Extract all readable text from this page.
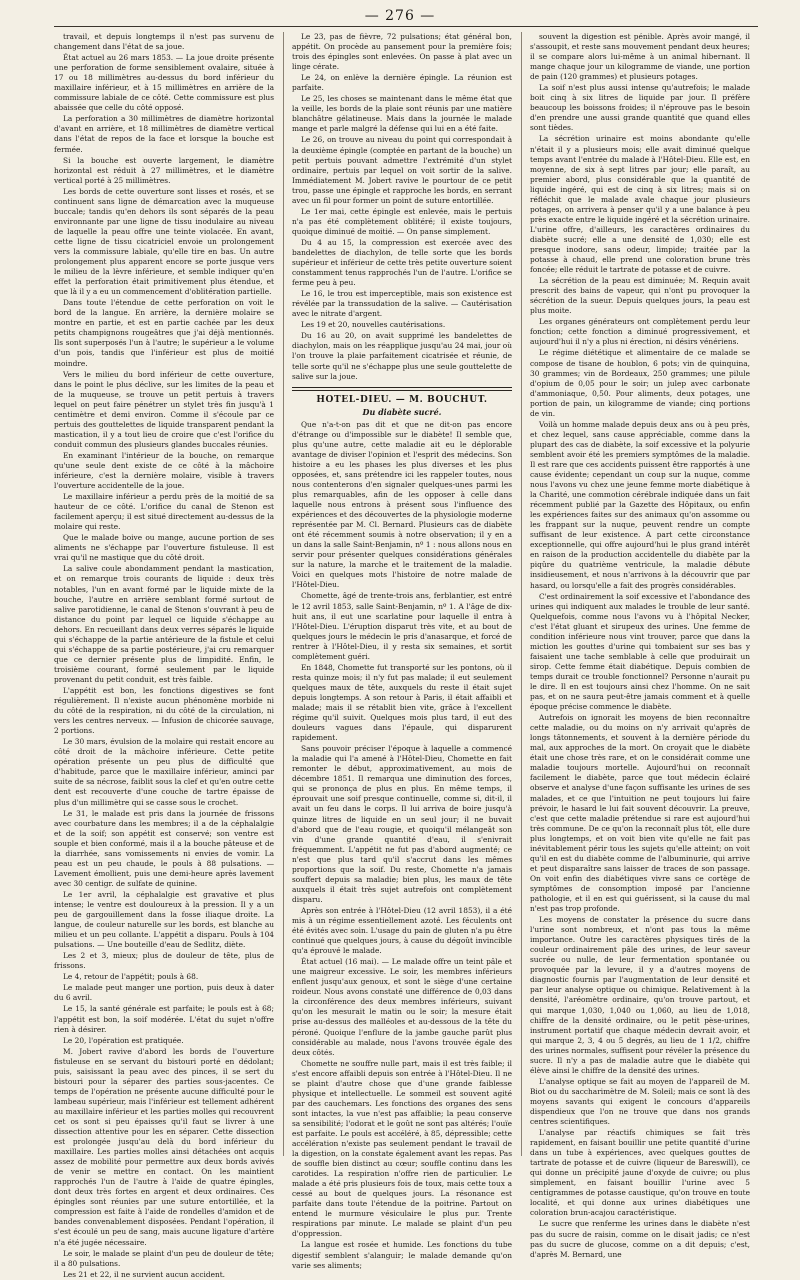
— 276 —

travail, et depuis longtemps il n'est pas survenu de changement dans l'état de sa joue.

État actuel au 26 mars 1853. — La joue droite présente une perforation de forme sensiblement ovalaire, située à 17 ou 18 millimètres au-dessus du bord inférieur du maxillaire inférieur, et à 15 millimètres en arrière de la commissure labiale de ce côté. Cette commissure est plus abaissée que celle du côté opposé.

La perforation a 30 millimètres de diamètre horizontal d'avant en arrière, et 18 millimètres de diamètre vertical dans l'état de repos de la face et lorsque la bouche est fermée.

Si la bouche est ouverte largement, le diamètre horizontal est réduit à 27 millimètres, et le diamètre vertical porté à 25 millimètres.

Les bords de cette ouverture sont lisses et rosés, et se continuent sans ligne de démarcation avec la muqueuse buccale; tandis qu'en dehors ils sont séparés de la peau environnante par une ligne de tissu inodulaire au niveau de laquelle la peau offre une teinte violacée. En avant, cette ligne de tissu cicatriciel envoie un prolongement vers la commissure labiale, qu'elle tire en bas. Un autre prolongement plus apparent encore se porte jusque vers le milieu de la lèvre inférieure, et semble indiquer qu'en effet la perforation était primitivement plus étendue, et que là il y a eu un commencement d'oblitération partielle.

Dans toute l'étendue de cette perforation on voit le bord de la langue. En arrière, la dernière molaire se montre en partie, et est en partie cachée par les deux petits champignons rougeâtres que j'ai déjà mentionnés. Ils sont superposés l'un à l'autre; le supérieur a le volume d'un pois, tandis que l'inférieur est plus de moitié moindre.

Vers le milieu du bord inférieur de cette ouverture, dans le point le plus déclive, sur les limites de la peau et de la muqueuse, se trouve un petit pertuis à travers lequel on peut faire pénétrer un stylet très fin jusqu'à 1 centimètre et demi environ. Comme il s'écoule par ce pertuis des gouttelettes de liquide transparent pendant la mastication, il y a tout lieu de croire que c'est l'orifice du conduit commun des plusieurs glandes buccales réunies.

En examinant l'intérieur de la bouche, on remarque qu'une seule dent existe de ce côté à la mâchoire inférieure, c'est la dernière molaire, visible à travers l'ouverture accidentelle de la joue.

Le maxillaire inférieur a perdu près de la moitié de sa hauteur de ce côté. L'orifice du canal de Stenon est facilement aperçu; il est situé directement au-dessus de la molaire qui reste.

Que le malade boive ou mange, aucune portion de ses aliments ne s'échappe par l'ouverture fistuleuse. Il est vrai qu'il ne mastique que du côté droit.

La salive coule abondamment pendant la mastication, et on remarque trois courants de liquide : deux très notables, l'un en avant formé par le liquide mixte de la bouche, l'autre en arrière semblant formé surtout de salive parotidienne, le canal de Stenon s'ouvrant à peu de distance du point par lequel ce liquide s'échappe au dehors. En recueillant dans deux verres séparés le liquide qui s'échappe de la partie antérieure de la fistule et celui qui s'échappe de sa partie postérieure, j'ai cru remarquer que ce dernier présente plus de limpidité. Enfin, le troisième courant, formé seulement par le liquide provenant du petit conduit, est très faible.

L'appétit est bon, les fonctions digestives se font régulièrement. Il n'existe aucun phénomène morbide ni du côté de la respiration, ni du côté de la circulation, ni vers les centres nerveux. — Infusion de chicorée sauvage, 2 portions.

Le 30 mars, évulsion de la molaire qui restait encore au côté droit de la mâchoire inférieure. Cette petite opération présente un peu plus de difficulté que d'habitude, parce que le maxillaire inférieur, aminci par suite de sa nécrose, faiblit sous la clef et qu'en outre cette dent est recouverte d'une couche de tartre épaisse de plus d'un millimètre qui se casse sous le crochet.

Le 31, le malade est pris dans la journée de frissons avec courbature dans les membres; il a de la céphalalgie et de la soif; son appétit est conservé; son ventre est souple et bien conformé, mais il a la bouche pâteuse et de la diarrhée, sans vomissements ni envies de vomir. La peau est un peu chaude, le pouls à 88 pulsations. — Lavement émollient, puis une demi-heure après lavement avec 30 centigr. de sulfate de quinine.

Le 1er avril, la céphalalgie est gravative et plus intense; le ventre est douloureux à la pression. Il y a un peu de gargouillement dans la fosse iliaque droite. La langue, de couleur naturelle sur les bords, est blanche au milieu et un peu collante. L'appétit a disparu. Pouls à 104 pulsations. — Une bouteille d'eau de Sedlitz, diète.

Les 2 et 3, mieux; plus de douleur de tête, plus de frissons.

Le 4, retour de l'appétit; pouls à 68.

Le malade peut manger une portion, puis deux à dater du 6 avril.

Le 15, la santé générale est parfaite; le pouls est à 68; l'appétit est bon, la soif modérée. L'état du sujet n'offre rien à désirer.

Le 20, l'opération est pratiquée.

M. Jobert ravive d'abord les bords de l'ouverture fistuleuse en se servant du bistouri porté en dédolant; puis, saisissant la peau avec des pinces, il se sert du bistouri pour la séparer des parties sous-jacentes. Ce temps de l'opération ne présente aucune difficulté pour le lambeau supérieur, mais l'inférieur est tellement adhérent au maxillaire inférieur et les parties molles qui recouvrent cet os sont si peu épaisses qu'il faut se livrer à une dissection attentive pour les en séparer. Cette dissection est prolongée jusqu'au delà du bord inférieur du maxillaire. Les parties molles ainsi détachées ont acquis assez de mobilité pour permettre aux deux bords avivés de venir se mettre en contact. On les maintient rapprochés l'un de l'autre à l'aide de quatre épingles, dont deux très fortes en argent et deux ordinaires. Ces épingles sont réunies par une suture entortillée, et la compression est faite à l'aide de rondelles d'amidon et de bandes convenablement disposées. Pendant l'opération, il s'est écoulé un peu de sang, mais aucune ligature d'artère n'a été jugée nécessaire.

Le soir, le malade se plaint d'un peu de douleur de tête; il a 80 pulsations.

Les 21 et 22, il ne survient aucun accident.

Le 23, pas de fièvre, 72 pulsations; état général bon, appétit. On procède au pansement pour la première fois; trois des épingles sont enlevées. On passe à plat avec un linge cérate.

Le 24, on enlève la dernière épingle. La réunion est parfaite.

Le 25, les choses se maintenant dans le même état que la veille, les bords de la plaie sont réunis par une matière blanchâtre gélatineuse. Mais dans la journée le malade mange et parle malgré la défense qui lui en a été faite.

Le 26, on trouve au niveau du point qui correspondait à la deuxième épingle (comptée en partant de la bouche) un petit pertuis pouvant admettre l'extrémité d'un stylet ordinaire, pertuis par lequel on voit sortir de la salive. Immédiatement M. Jobert ravive le pourtour de ce petit trou, passe une épingle et rapproche les bords, en serrant avec un fil pour former un point de suture entortillée.

Le 1er mai, cette épingle est enlevée, mais le pertuis n'a pas été complètement oblitéré; il existe toujours, quoique diminué de moitié. — On panse simplement.

Du 4 au 15, la compression est exercée avec des bandelettes de diachylon, de telle sorte que les bords supérieur et inférieur de cette très petite ouverture soient constamment tenus rapprochés l'un de l'autre. L'orifice se ferme peu à peu.

Le 16, le trou est imperceptible, mais son existence est révélée par la transsudation de la salive. — Cautérisation avec le nitrate d'argent.

Les 19 et 20, nouvelles cautérisations.

Du 16 au 20, on avait supprimé les bandelettes de diachylon, mais on les réapplique jusqu'au 24 mai, jour où l'on trouve la plaie parfaitement cicatrisée et réunie, de telle sorte qu'il ne s'échappe plus une seule gouttelette de salive sur la joue.

HOTEL-DIEU. — M. BOUCHUT.
Du diabète sucré.

Que n'a-t-on pas dit et que ne dit-on pas encore d'étrange ou d'impossible sur le diabète! Il semble que, plus qu'une autre, cette maladie ait eu le déplorable avantage de diviser l'opinion et l'esprit des médecins. Son histoire a eu les phases les plus diverses et les plus opposées, et, sans prétendre ici les rappeler toutes, nous nous contenterons d'en signaler quelques-unes parmi les plus remarquables, afin de les opposer à celle dans laquelle nous entrons à présent sous l'influence des expériences et des découvertes de la physiologie moderne représentée par M. Cl. Bernard. Plusieurs cas de diabète ont été récemment soumis à notre observation; il y en a un dans la salle Saint-Benjamin, nº 1 : nous allons nous en servir pour présenter quelques considérations générales sur la nature, la marche et le traitement de la maladie. Voici en quelques mots l'histoire de notre malade de l'Hôtel-Dieu.

Chomette, âgé de trente-trois ans, ferblantier, est entré le 12 avril 1853, salle Saint-Benjamin, nº 1. A l'âge de dix-huit ans, il eut une scarlatine pour laquelle il entra à l'Hôtel-Dieu. L'éruption disparut très vite, et au bout de quelques jours le médecin le pris d'anasarque, et forcé de rentrer à l'Hôtel-Dieu, il y resta six semaines, et sortit complètement guéri.

En 1848, Chomette fut transporté sur les pontons, où il resta quinze mois; il n'y fut pas malade; il eut seulement quelques maux de tête, auxquels du reste il était sujet depuis longtemps. A son retour à Paris, il était affaibli et malade; mais il se rétablit bien vite, grâce à l'excellent régime qu'il suivit. Quelques mois plus tard, il eut des douleurs vagues dans l'épaule, qui disparurent rapidement.

Sans pouvoir préciser l'époque à laquelle a commencé la maladie qui l'a amené à l'Hôtel-Dieu, Chomette en fait remonter le début, approximativement, au mois de décembre 1851. Il remarqua une diminution des forces, qui se prononça de plus en plus. En même temps, il éprouvait une soif presque continuelle, comme si, dit-il, il avait un feu dans le corps. Il lui arriva de boire jusqu'à quinze litres de liquide en un seul jour; il ne buvait d'abord que de l'eau rougie, et quoiqu'il mélangeât son vin d'une grande quantité d'eau, il s'enivrait fréquemment. L'appétit ne fut pas d'abord augmenté; ce n'est que plus tard qu'il s'accrut dans les mêmes proportions que la soif. Du reste, Chomette n'a jamais souffert depuis sa maladie; bien plus, les maux de tête auxquels il était très sujet autrefois ont complètement disparu.

Après son entrée à l'Hôtel-Dieu (12 avril 1853), il a été mis à un régime essentiellement azoté. Les féculents ont été évités avec soin. L'usage du pain de gluten n'a pu être continué que quelques jours, à cause du dégoût invincible qu'a éprouvé le malade.

État actuel (16 mai). — Le malade offre un teint pâle et une maigreur excessive. Le soir, les membres inférieurs enflent jusqu'aux genoux, et sont le siège d'une certaine roideur. Nous avons constaté une différence de 0,03 dans la circonférence des deux membres inférieurs, suivant qu'on les mesurait le matin ou le soir; la mesure était prise au-dessus des malléoles et au-dessous de la tête du péroné. Quoique l'enflure de la jambe gauche parût plus considérable au malade, nous l'avons trouvée égale des deux côtés.

Chomette ne souffre nulle part, mais il est très faible; il s'est encore affaibli depuis son entrée à l'Hôtel-Dieu. Il ne se plaint d'autre chose que d'une grande faiblesse physique et intellectuelle. Le sommeil est souvent agité par des cauchemars. Les fonctions des organes des sens sont intactes, la vue n'est pas affaiblie; la peau conserve sa sensibilité; l'odorat et le goût ne sont pas altérés; l'ouïe est parfaite. Le pouls est accéléré, à 85, dépressible; cette accélération n'existe pas seulement pendant le travail de la digestion, on la constate également avant les repas. Pas de souffle bien distinct au cœur; souffle continu dans les carotides. La respiration n'offre rien de particulier. Le malade a été pris plusieurs fois de toux, mais cette toux a cessé au bout de quelques jours. La résonance est parfaite dans toute l'étendue de la poitrine. Partout on entend le murmure vésiculaire le plus pur. Trente respirations par minute. Le malade se plaint d'un peu d'oppression.

La langue est rosée et humide. Les fonctions du tube digestif semblent s'alanguir; le malade demande qu'on varie ses aliments;

souvent la digestion est pénible. Après avoir mangé, il s'assoupit, et reste sans mouvement pendant deux heures; il se compare alors lui-même à un animal hibernant. Il mange chaque jour un kilogramme de viande, une portion de pain (120 grammes) et plusieurs potages.

La soif n'est plus aussi intense qu'autrefois; le malade boit cinq à six litres de liquide par jour. Il préfère beaucoup les boissons froides; il n'éprouve pas le besoin d'en prendre une aussi grande quantité que quand elles sont tièdes.

La sécrétion urinaire est moins abondante qu'elle n'était il y a plusieurs mois; elle avait diminué quelque temps avant l'entrée du malade à l'Hôtel-Dieu. Elle est, en moyenne, de six à sept litres par jour; elle paraît, au premier abord, plus considérable que la quantité de liquide ingéré, qui est de cinq à six litres; mais si on réfléchit que le malade avale chaque jour plusieurs potages, on arrivera à penser qu'il y a une balance à peu près exacte entre le liquide ingéré et la sécrétion urinaire. L'urine offre, d'ailleurs, les caractères ordinaires du diabète sucré; elle a une densité de 1,030; elle est presque inodore, sans odeur, limpide; traitée par la potasse à chaud, elle prend une coloration brune très foncée; elle réduit le tartrate de potasse et de cuivre.

La sécrétion de la peau est diminuée; M. Requin avait prescrit des bains de vapeur, qui n'ont pu provoquer la sécrétion de la sueur. Depuis quelques jours, la peau est plus moite.

Les organes générateurs ont complètement perdu leur fonction; cette fonction a diminué progressivement, et aujourd'hui il n'y a plus ni érection, ni désirs vénériens.

Le régime diététique et alimentaire de ce malade se compose de tisane de houblon, 6 pots; vin de quinquina, 30 grammes; vin de Bordeaux, 250 grammes; une pilule d'opium de 0,05 pour le soir; un julep avec carbonate d'ammoniaque, 0,50. Pour aliments, deux potages, une portion de pain, un kilogramme de viande; cinq portions de vin.

Voilà un homme malade depuis deux ans ou à peu près, et chez lequel, sans cause appréciable, comme dans la plupart des cas de diabète, la soif excessive et la polyurie semblent avoir été les premiers symptômes de la maladie. Il est rare que ces accidents puissent être rapportés à une cause évidente; cependant un coup sur la nuque, comme nous l'avons vu chez une jeune femme morte diabétique à la Charité, une commotion cérébrale indiquée dans un fait récemment publié par la Gazette des Hôpitaux, ou enfin les expériences faites sur des animaux qu'on assomme ou les frappant sur la nuque, peuvent rendre un compte suffisant de leur existence. A part cette circonstance exceptionnelle, qui offre aujourd'hui le plus grand intérêt en raison de la production accidentelle du diabète par la piqûre du quatrième ventricule, la maladie débute insidieusement, et nous n'arrivons à la découvrir que par hasard, ou lorsqu'elle a fait des progrès considérables.

C'est ordinairement la soif excessive et l'abondance des urines qui indiquent aux malades le trouble de leur santé. Quelquefois, comme nous l'avons vu à l'hôpital Necker, c'est l'état gluant et sirupeux des urines. Une femme de condition inférieure nous vint trouver, parce que dans la miction les gouttes d'urine qui tombaient sur ses bas y faisaient une tache semblable à celle que produirait un sirop. Cette femme était diabétique. Depuis combien de temps durait ce trouble fonctionnel? Personne n'aurait pu le dire. Il en est toujours ainsi chez l'homme. On ne sait pas, et on ne saura peut-être jamais comment et à quelle époque précise commence le diabète.

Autrefois on ignorait les moyens de bien reconnaître cette maladie, ou du moins on n'y arrivait qu'après de longs tâtonnements, et souvent à la dernière période du mal, aux approches de la mort. On croyait que le diabète était une chose très rare, et on le considérait comme une maladie toujours mortelle. Aujourd'hui on reconnaît facilement le diabète, parce que tout médecin éclairé observe et analyse d'une façon suffisante les urines de ses malades, et ce que l'intuition ne peut toujours lui faire prévoir, le hasard le lui fait souvent découvrir. La preuve, c'est que cette maladie prétendue si rare est aujourd'hui très commune. De ce qu'on la reconnaît plus tôt, elle dure plus longtemps, et on voit bien vite qu'elle ne fait pas inévitablement périr tous les sujets qu'elle atteint; on voit qu'il en est du diabète comme de l'albuminurie, qui arrive et peut disparaître sans laisser de traces de son passage. On voit enfin des diabétiques vivre sans ce cortège de symptômes de consomption imposé par l'ancienne pathologie, et il en est qui guérissent, si la cause du mal n'est pas trop profonde.

Les moyens de constater la présence du sucre dans l'urine sont nombreux, et n'ont pas tous la même importance. Outre les caractères physiques tirés de la couleur ordinairement pâle des urines, de leur saveur sucrée ou nulle, de leur fermentation spontanée ou provoquée par la levure, il y a d'autres moyens de diagnostic fournis par l'augmentation de leur densité et par leur analyse optique ou chimique. Relativement à la densité, l'aréomètre ordinaire, qu'on trouve partout, et qui marque 1,030, 1,040 ou 1,060, au lieu de 1,018, chiffre de la densité ordinaire, ou le petit pèse-urines, instrument portatif que chaque médecin devrait avoir, et qui marque 2, 3, 4 ou 5 degrés, au lieu de 1 1/2, chiffre des urines normales, suffisent pour révéler la présence du sucre. Il n'y a pas de maladie autre que le diabète qui élève ainsi le chiffre de la densité des urines.

L'analyse optique se fait au moyen de l'appareil de M. Biot ou du saccharimètre de M. Soleil; mais ce sont là des moyens savants qui exigent le concours d'appareils dispendieux que l'on ne trouve que dans nos grands centres scientifiques.

L'analyse par réactifs chimiques se fait très rapidement, en faisant bouillir une petite quantité d'urine dans un tube à expériences, avec quelques gouttes de tartrate de potasse et de cuivre (liqueur de Bareswill), ce qui donne un précipité jaune d'oxyde de cuivre; ou plus simplement, en faisant bouillir l'urine avec 5 centigrammes de potasse caustique, qu'on trouve en toute localité, et qui donne aux urines diabétiques une coloration brun-acajou caractéristique.

Le sucre que renferme les urines dans le diabète n'est pas du sucre de raisin, comme on le disait jadis; ce n'est pas du sucre de glucose, comme on a dit depuis; c'est, d'après M. Bernard, une
